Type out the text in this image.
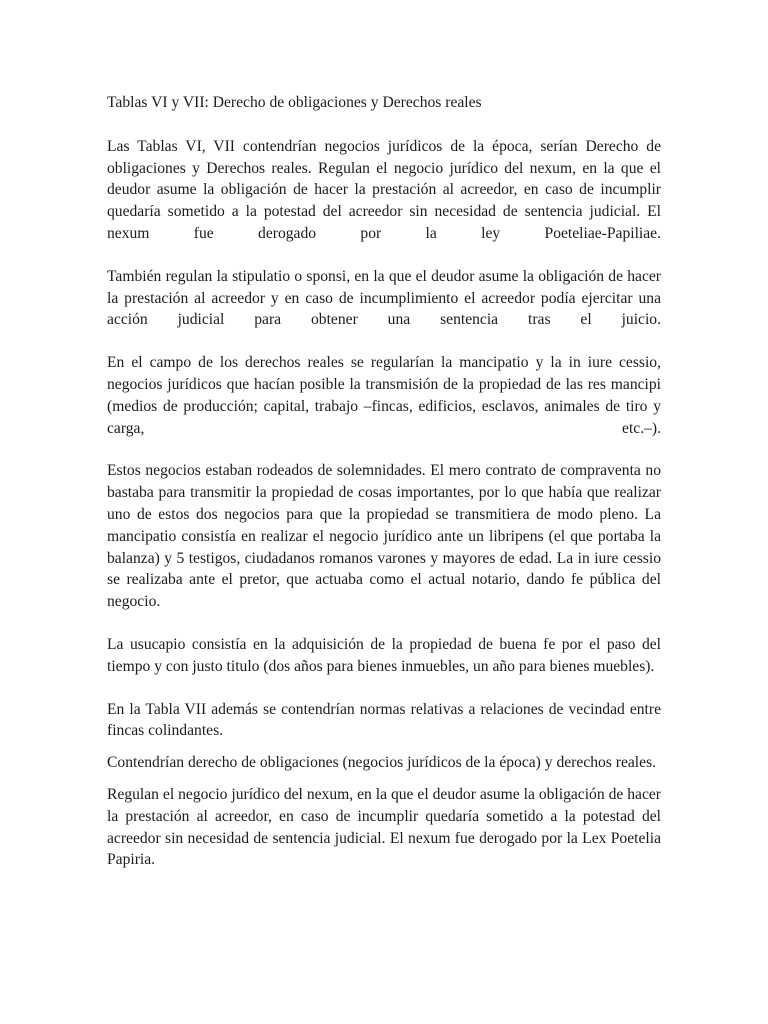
Tablas VI y VII: Derecho de obligaciones y Derechos reales

Las Tablas VI, VII contendrían negocios jurídicos de la época, serían Derecho de obligaciones y Derechos reales. Regulan el negocio jurídico del nexum, en la que el deudor asume la obligación de hacer la prestación al acreedor, en caso de incumplir quedaría sometido a la potestad del acreedor sin necesidad de sentencia judicial. El nexum fue derogado por la ley Poeteliae-Papiliae.

También regulan la stipulatio o sponsi, en la que el deudor asume la obligación de hacer la prestación al acreedor y en caso de incumplimiento el acreedor podía ejercitar una acción judicial para obtener una sentencia tras el juicio.

En el campo de los derechos reales se regularían la mancipatio y la in iure cessio, negocios jurídicos que hacían posible la transmisión de la propiedad de las res mancipi (medios de producción; capital, trabajo –fincas, edificios, esclavos, animales de tiro y carga, etc.–).

Estos negocios estaban rodeados de solemnidades. El mero contrato de compraventa no bastaba para transmitir la propiedad de cosas importantes, por lo que había que realizar uno de estos dos negocios para que la propiedad se transmitiera de modo pleno. La mancipatio consistía en realizar el negocio jurídico ante un libripens (el que portaba la balanza) y 5 testigos, ciudadanos romanos varones y mayores de edad. La in iure cessio se realizaba ante el pretor, que actuaba como el actual notario, dando fe pública del negocio.

La usucapio consistía en la adquisición de la propiedad de buena fe por el paso del tiempo y con justo titulo (dos años para bienes inmuebles, un año para bienes muebles).

En la Tabla VII además se contendrían normas relativas a relaciones de vecindad entre fincas colindantes.

Contendrían derecho de obligaciones (negocios jurídicos de la época) y derechos reales.

Regulan el negocio jurídico del nexum, en la que el deudor asume la obligación de hacer la prestación al acreedor, en caso de incumplir quedaría sometido a la potestad del acreedor sin necesidad de sentencia judicial. El nexum fue derogado por la Lex Poetelia Papiria.
